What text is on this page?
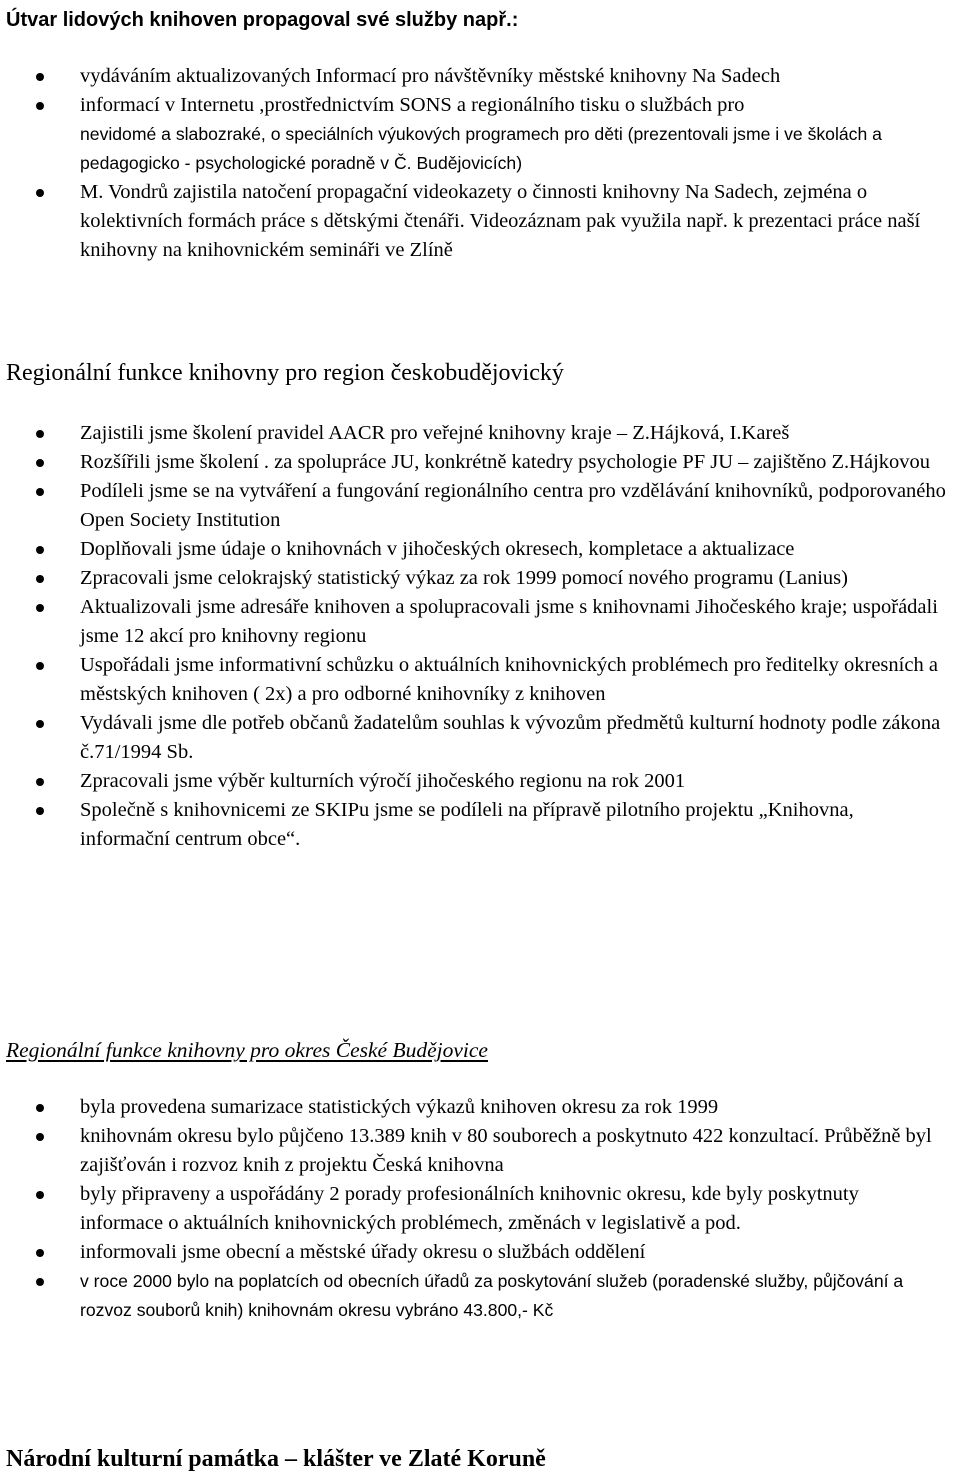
Útvar lidových knihoven propagoval své služby např.:
vydáváním aktualizovaných Informací pro návštěvníky městské knihovny Na Sadech
informací v Internetu ,prostřednictvím SONS a regionálního tisku o službách pro
nevidomé a slabozraké, o speciálních výukových programech pro děti (prezentovali jsme i ve školách a pedagogicko - psychologické poradně v Č. Budějovicích)
M. Vondrů zajistila natočení propagační videokazety o činnosti knihovny Na Sadech, zejména o kolektivních formách práce s dětskými čtenáři. Videozáznam pak využila např. k prezentaci práce naší knihovny na knihovnickém semináři ve Zlíně
Regionální funkce knihovny pro region českobudějovický
Zajistili jsme školení pravidel AACR pro veřejné knihovny kraje – Z.Hájková, I.Kareš
Rozšířili jsme školení . za spolupráce JU, konkrétně katedry psychologie PF JU – zajištěno Z.Hájkovou
Podíleli jsme se na vytváření a fungování regionálního centra pro vzdělávání knihovníků, podporovaného Open Society Institution
Doplňovali jsme údaje o knihovnách v jihočeských okresech, kompletace a aktualizace
Zpracovali jsme celokrajský statistický výkaz za rok 1999 pomocí nového programu (Lanius)
Aktualizovali jsme adresáře knihoven a spolupracovali jsme s knihovnami Jihočeského kraje; uspořádali jsme 12 akcí pro knihovny regionu
Uspořádali jsme informativní schůzku o aktuálních knihovnických problémech pro ředitelky okresních a městských knihoven ( 2x) a pro odborné knihovníky z knihoven
Vydávali jsme dle potřeb občanů žadatelům souhlas k vývozům předmětů kulturní hodnoty podle zákona č.71/1994 Sb.
Zpracovali jsme výběr kulturních výročí jihočeského regionu na rok 2001
Společně s knihovnicemi ze SKIPu jsme se podíleli na přípravě pilotního projektu „Knihovna, informační centrum obce“.
Regionální funkce knihovny pro okres České Budějovice
byla provedena sumarizace statistických výkazů knihoven okresu za rok 1999
knihovnám okresu bylo půjčeno 13.389 knih v 80 souborech a poskytnuto 422 konzultací. Průběžně byl zajišťován i rozvoz knih z projektu Česká knihovna
byly připraveny a uspořádány 2 porady profesionálních knihovnic okresu, kde byly poskytnuty informace o aktuálních knihovnických problémech, změnách v legislativě a pod.
informovali jsme obecní a městské úřady okresu o službách oddělení
v roce 2000 bylo na poplatcích od obecních úřadů za poskytování služeb (poradenské služby, půjčování a rozvoz souborů knih) knihovnám okresu vybráno 43.800,- Kč
Národní kulturní památka – klášter ve Zlaté Koruně
